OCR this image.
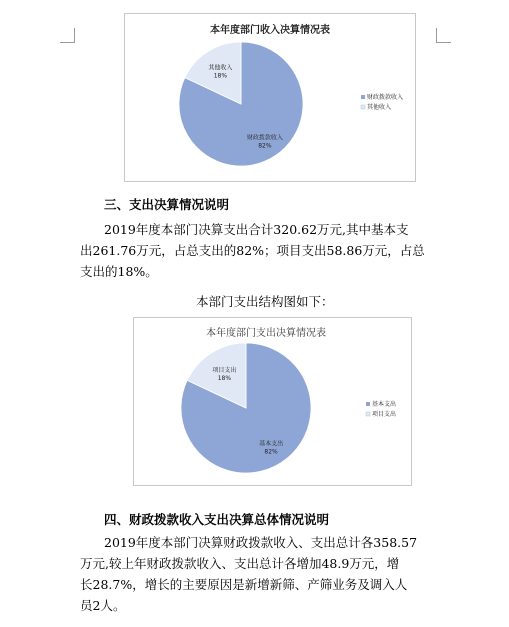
本年度部门收入决算情况表
财政拨款收入 82%
其他收入 18%
财政拨款收入
其他收入
三、支出决算情况说明
2019年度本部门决算支出合计320.62万元,其中基本支
出261.76万元，占总支出的82%；项目支出58.86万元，占总
支出的18%。
本部门支出结构图如下：
本年度部门支出决算情况表
基本支出 82%
项目支出 18%
基本支出
项目支出
四、财政拨款收入支出决算总体情况说明
2019年度本部门决算财政拨款收入、支出总计各358.57
万元,较上年财政拨款收入、支出总计各增加48.9万元，增
长28.7%，增长的主要原因是新增新筛、产筛业务及调入人
员2人。
